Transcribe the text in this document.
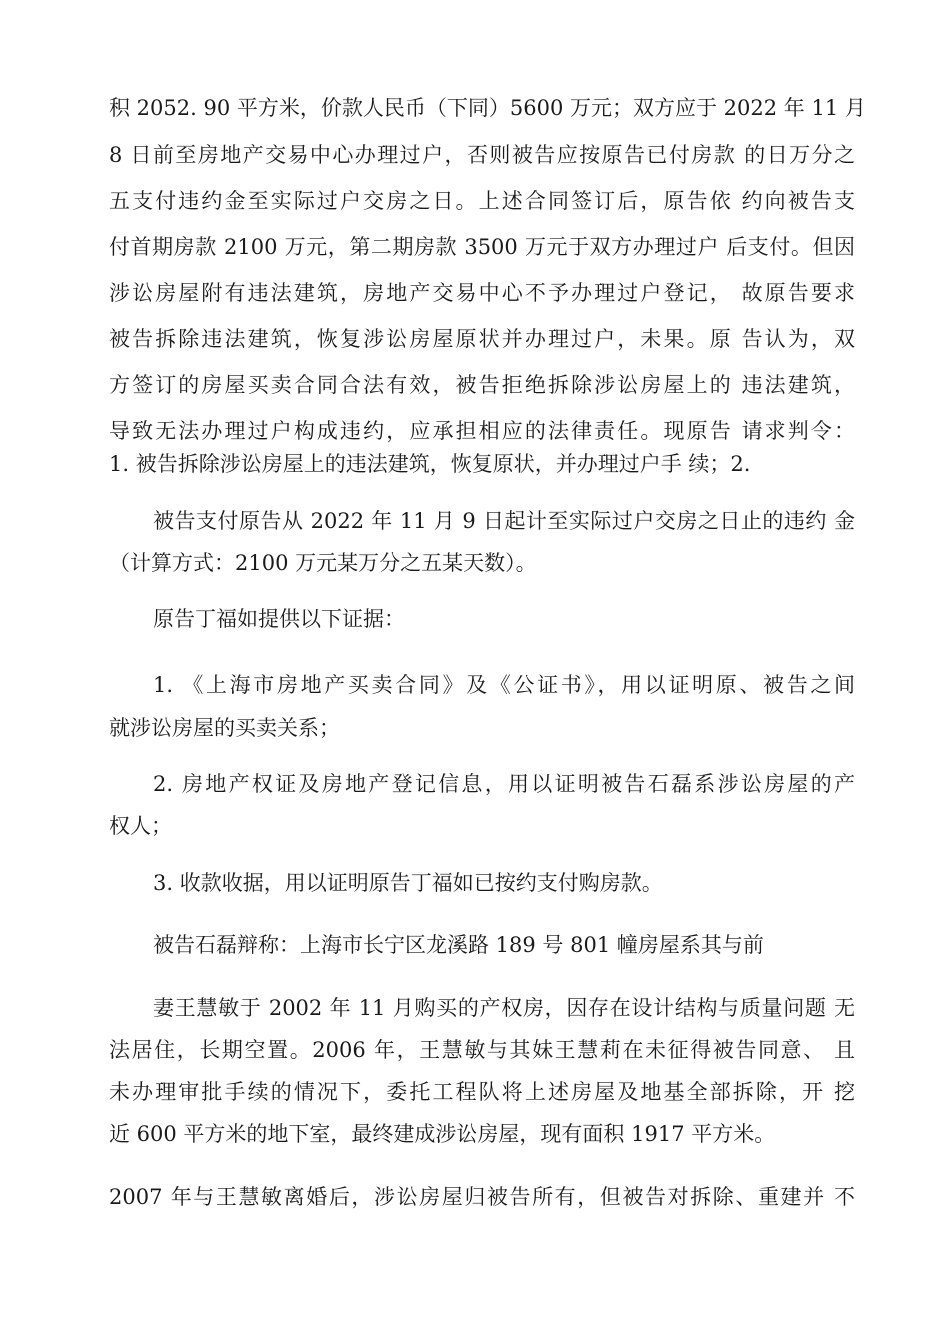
积 2052. 90 平方米，价款人民币（下同）5600 万元；双方应于 2022 年 11 月
8 日前至房地产交易中心办理过户，否则被告应按原告已付房款 的日万分之
五支付违约金至实际过户交房之日。上述合同签订后，原告依 约向被告支
付首期房款 2100 万元，第二期房款 3500 万元于双方办理过户 后支付。但因
涉讼房屋附有违法建筑，房地产交易中心不予办理过户登记， 故原告要求
被告拆除违法建筑，恢复涉讼房屋原状并办理过户，未果。原 告认为，双
方签订的房屋买卖合同合法有效，被告拒绝拆除涉讼房屋上的 违法建筑，
导致无法办理过户构成违约，应承担相应的法律责任。现原告 请求判令：
1. 被告拆除涉讼房屋上的违法建筑，恢复原状，并办理过户手 续；2.
被告支付原告从 2022 年 11 月 9 日起计至实际过户交房之日止的违约 金
（计算方式：2100 万元某万分之五某天数）。
原告丁福如提供以下证据：
1. 《上海市房地产买卖合同》及《公证书》，用以证明原、被告之间
就涉讼房屋的买卖关系；
2. 房地产权证及房地产登记信息，用以证明被告石磊系涉讼房屋的产
权人；
3. 收款收据，用以证明原告丁福如已按约支付购房款。
被告石磊辩称：上海市长宁区龙溪路 189 号 801 幢房屋系其与前
妻王慧敏于 2002 年 11 月购买的产权房，因存在设计结构与质量问题 无
法居住，长期空置。2006 年，王慧敏与其妹王慧莉在未征得被告同意、 且
未办理审批手续的情况下，委托工程队将上述房屋及地基全部拆除，开 挖
近 600 平方米的地下室，最终建成涉讼房屋，现有面积 1917 平方米。
2007 年与王慧敏离婚后，涉讼房屋归被告所有，但被告对拆除、重建并 不
